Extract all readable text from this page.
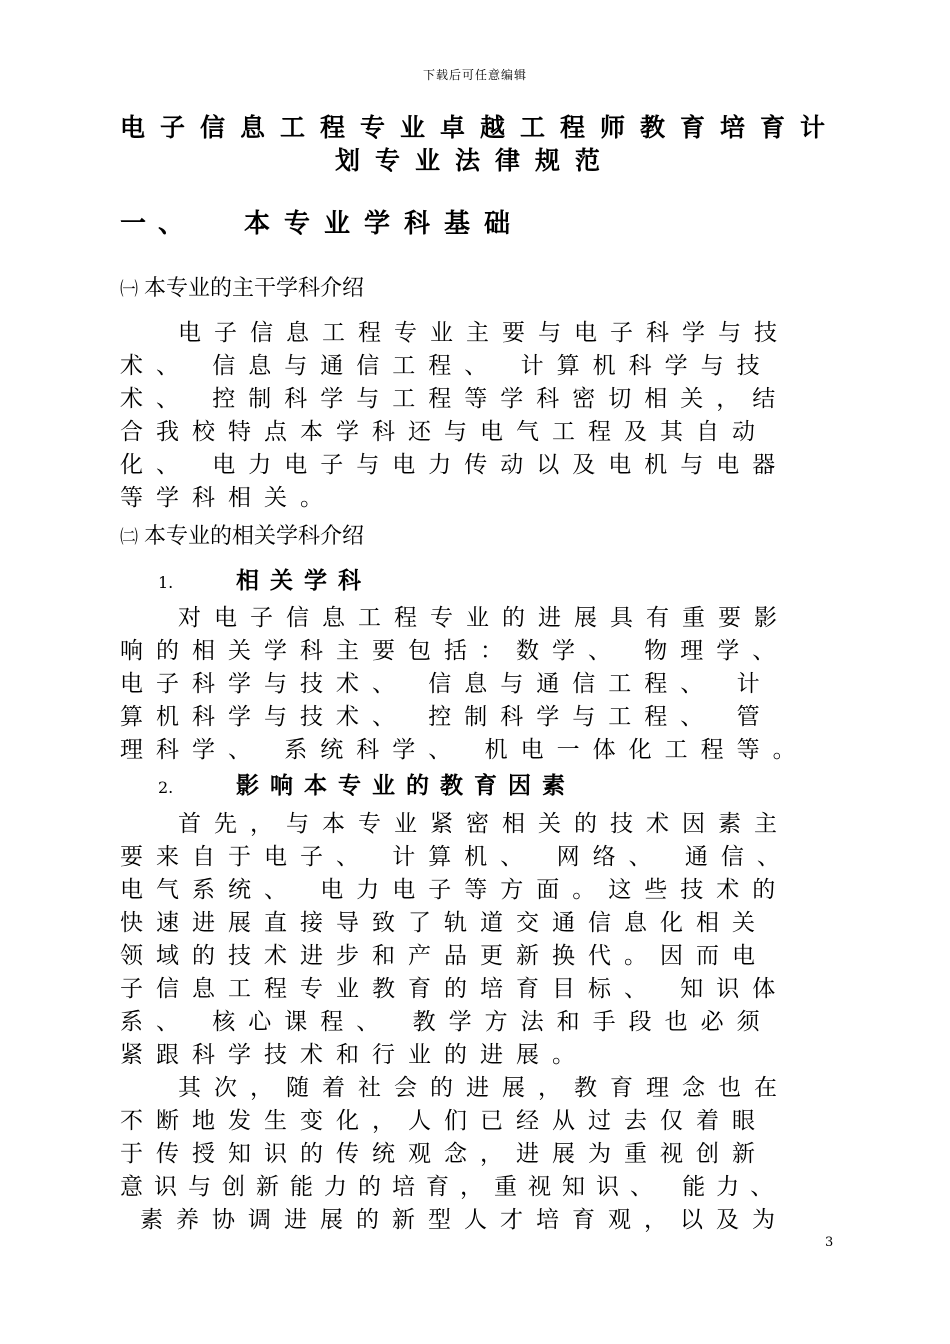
下载后可任意编辑
电子信息工程专业卓越工程师教育培育计
划专业法律规范
一、 本专业学科基础
㈠ 本专业的主干学科介绍
电子信息工程专业主要与电子科学与技
术、 信息与通信工程、 计算机科学与技
术、 控制科学与工程等学科密切相关，结
合我校特点本学科还与电气工程及其自动
化、 电力电子与电力传动以及电机与电器
等学科相关。
㈡ 本专业的相关学科介绍
1.	相关学科
对电子信息工程专业的进展具有重要影
响的相关学科主要包括：数学、 物理学、
电子科学与技术、 信息与通信工程、 计
算机科学与技术、 控制科学与工程、 管
理科学、 系统科学、 机电一体化工程等。
2.	影响本专业的教育因素
首先，与本专业紧密相关的技术因素主
要来自于电子、 计算机、 网络、 通信、
电气系统、 电力电子等方面。这些技术的
快速进展直接导致了轨道交通信息化相关
领域的技术进步和产品更新换代。因而电
子信息工程专业教育的培育目标、 知识体
系、 核心课程、 教学方法和手段也必须
紧跟科学技术和行业的进展。
其次，随着社会的进展，教育理念也在
不断地发生变化，人们已经从过去仅着眼
于传授知识的传统观念，进展为重视创新
意识与创新能力的培育，重视知识、 能力、
素养协调进展的新型人才培育观，以及为
3
